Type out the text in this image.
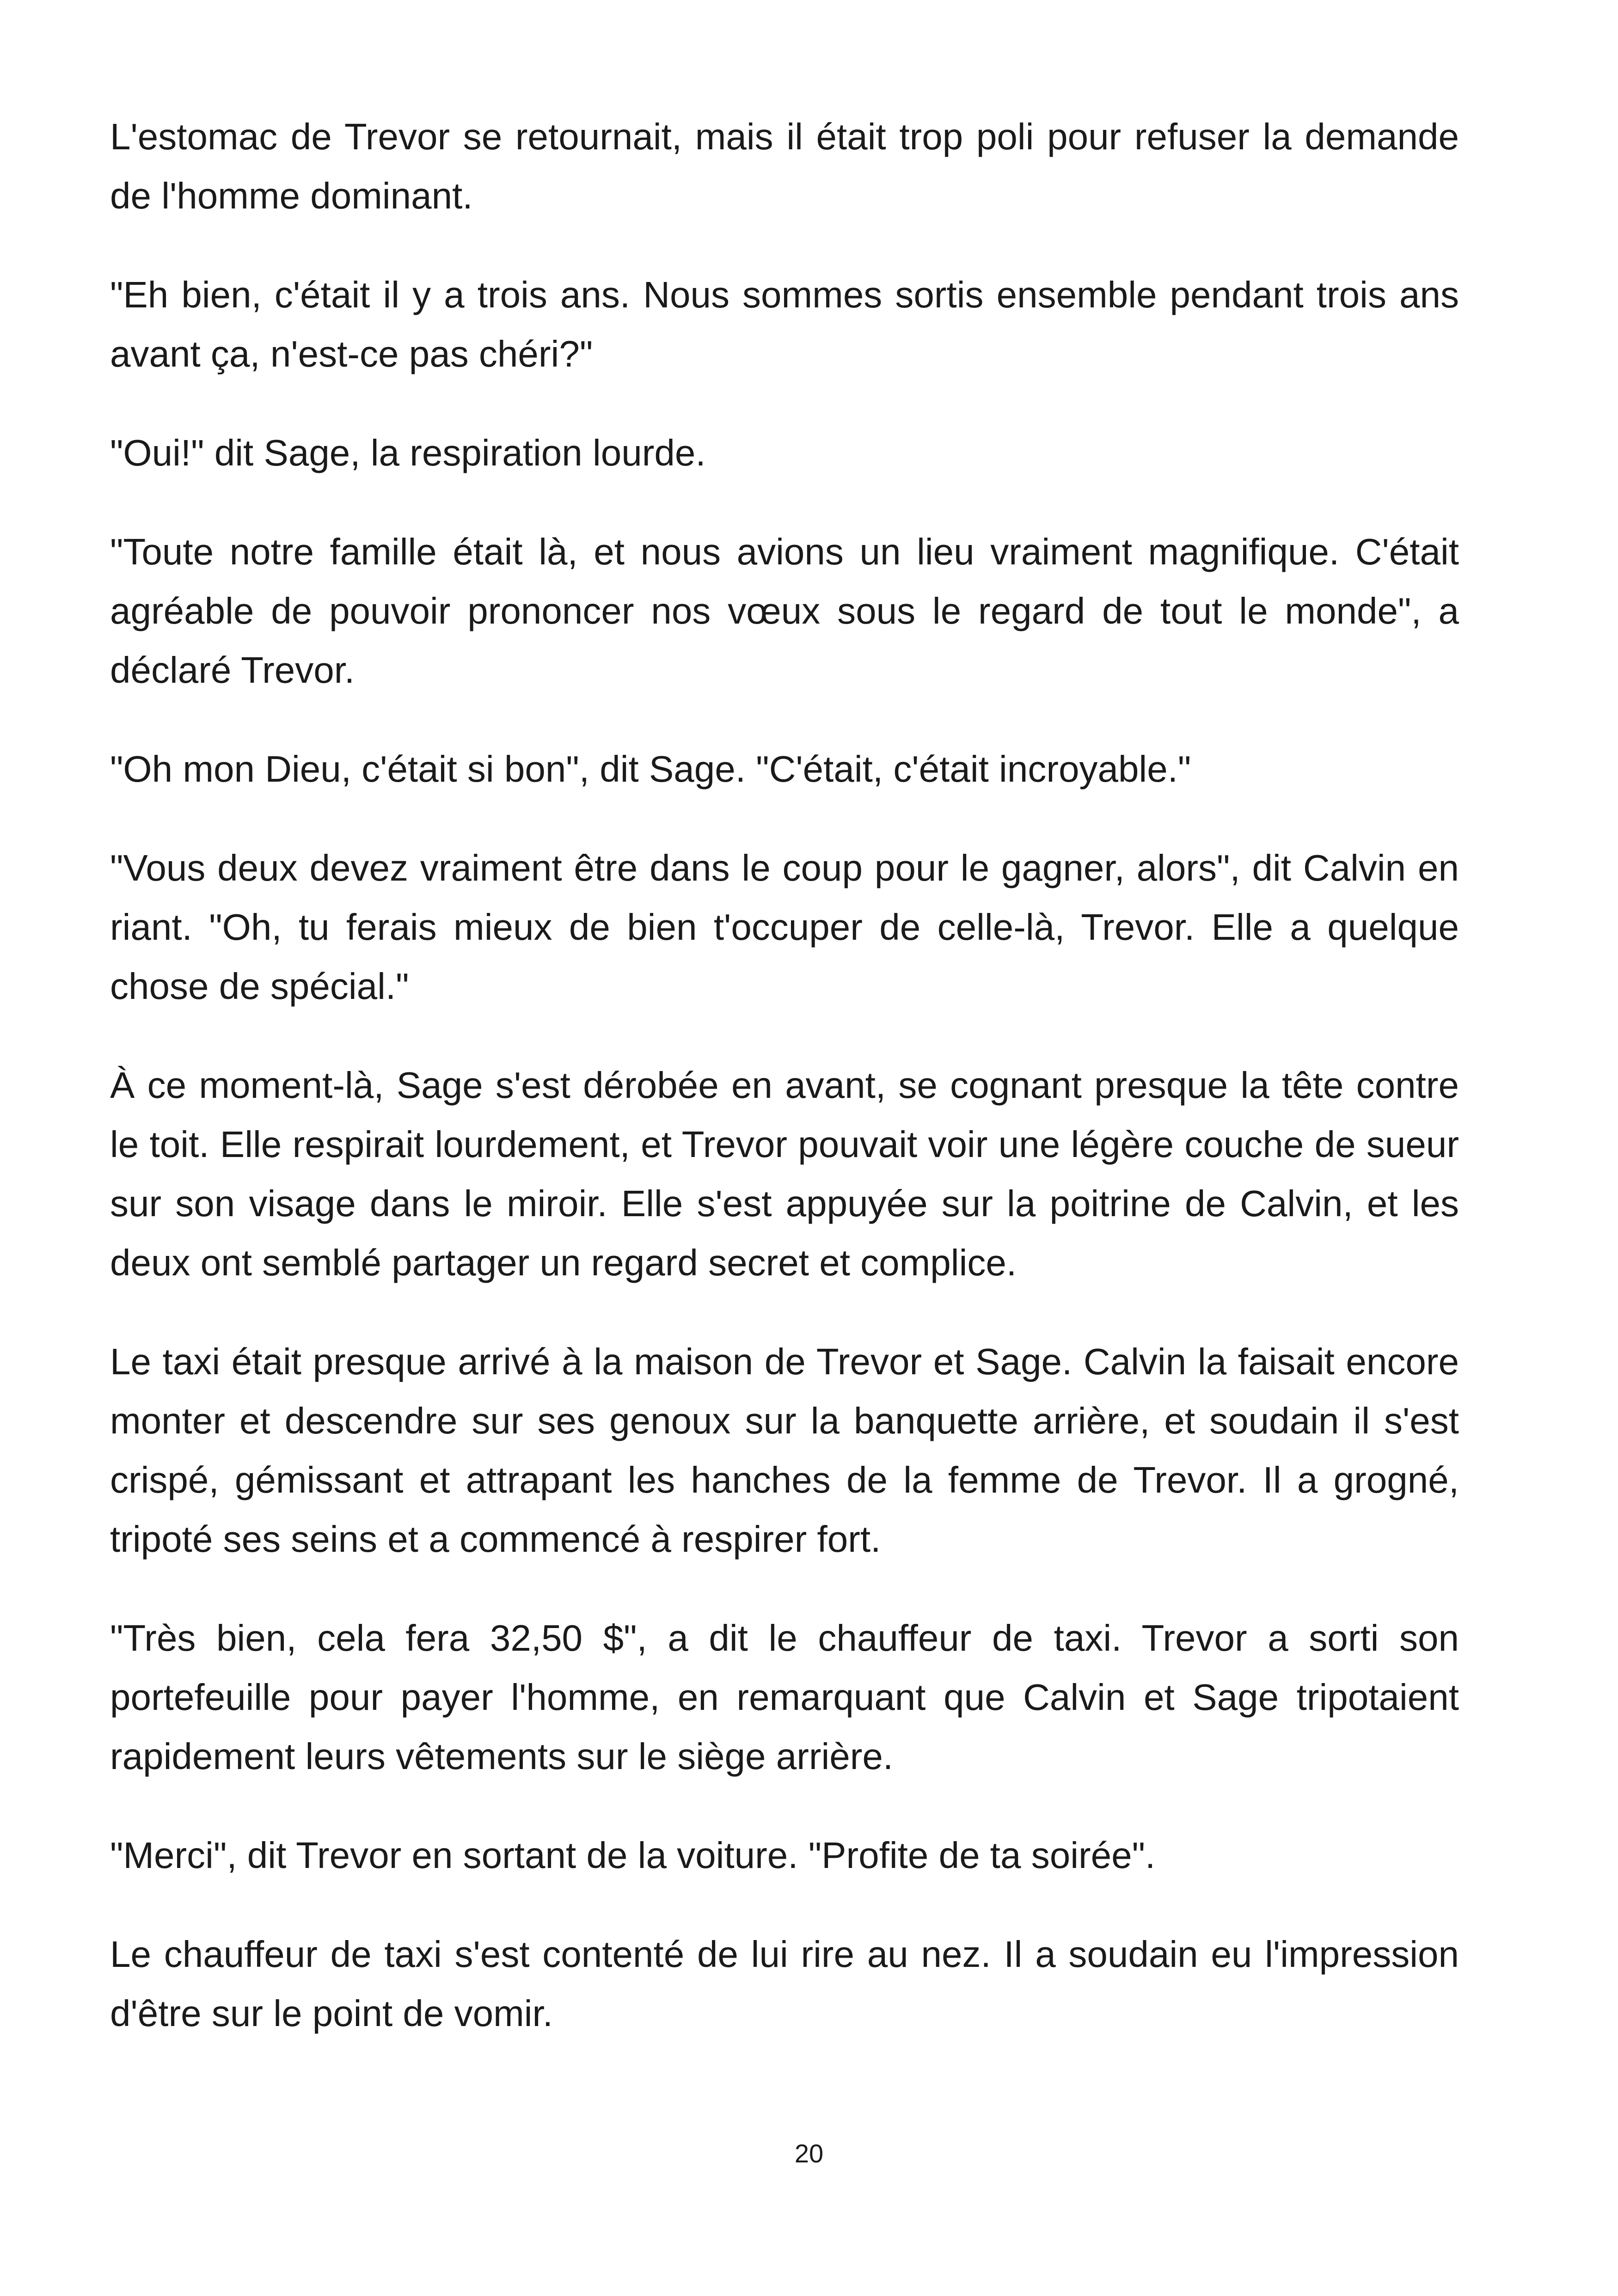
L'estomac de Trevor se retournait, mais il était trop poli pour refuser la demande de l'homme dominant.

"Eh bien, c'était il y a trois ans. Nous sommes sortis ensemble pendant trois ans avant ça, n'est-ce pas chéri?"

"Oui!" dit Sage, la respiration lourde.

"Toute notre famille était là, et nous avions un lieu vraiment magnifique. C'était agréable de pouvoir prononcer nos vœux sous le regard de tout le monde", a déclaré Trevor.

"Oh mon Dieu, c'était si bon", dit Sage. "C'était, c'était incroyable."

"Vous deux devez vraiment être dans le coup pour le gagner, alors", dit Calvin en riant. "Oh, tu ferais mieux de bien t'occuper de celle-là, Trevor. Elle a quelque chose de spécial."

À ce moment-là, Sage s'est dérobée en avant, se cognant presque la tête contre le toit. Elle respirait lourdement, et Trevor pouvait voir une légère couche de sueur sur son visage dans le miroir. Elle s'est appuyée sur la poitrine de Calvin, et les deux ont semblé partager un regard secret et complice.

Le taxi était presque arrivé à la maison de Trevor et Sage. Calvin la faisait encore monter et descendre sur ses genoux sur la banquette arrière, et soudain il s'est crispé, gémissant et attrapant les hanches de la femme de Trevor. Il a grogné, tripoté ses seins et a commencé à respirer fort.

"Très bien, cela fera 32,50 $", a dit le chauffeur de taxi. Trevor a sorti son portefeuille pour payer l'homme, en remarquant que Calvin et Sage tripotaient rapidement leurs vêtements sur le siège arrière.

"Merci", dit Trevor en sortant de la voiture. "Profite de ta soirée".

Le chauffeur de taxi s'est contenté de lui rire au nez. Il a soudain eu l'impression d'être sur le point de vomir.

20
